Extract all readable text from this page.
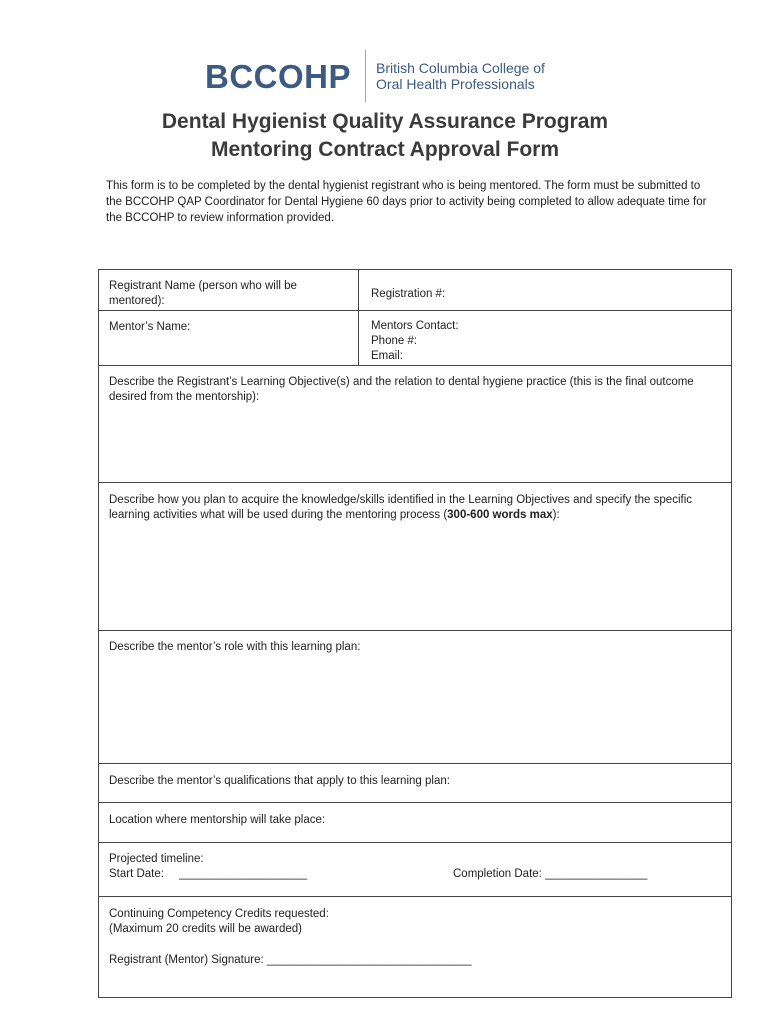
BCCOHP British Columbia College of
Oral Health Professionals
Dental Hygienist Quality Assurance Program
Mentoring Contract Approval Form
This form is to be completed by the dental hygienist registrant who is being mentored. The form must be submitted to the BCCOHP QAP Coordinator for Dental Hygiene 60 days prior to activity being completed to allow adequate time for the BCCOHP to review information provided.
Registrant Name (person who will be mentored):
Registration #:
Mentor’s Name:	Mentors Contact:
Phone #:
Email:
Describe the Registrant’s Learning Objective(s) and the relation to dental hygiene practice (this is the final outcome desired from the mentorship):
Describe how you plan to acquire the knowledge/skills identified in the Learning Objectives and specify the specific learning activities what will be used during the mentoring process (300-600 words max):
Describe the mentor’s role with this learning plan:
Describe the mentor’s qualifications that apply to this learning plan:
Location where mentorship will take place:
Projected timeline:
Start Date: ____________________	Completion Date: ________________
Continuing Competency Credits requested:
(Maximum 20 credits will be awarded)
Registrant (Mentor) Signature: ________________________________
